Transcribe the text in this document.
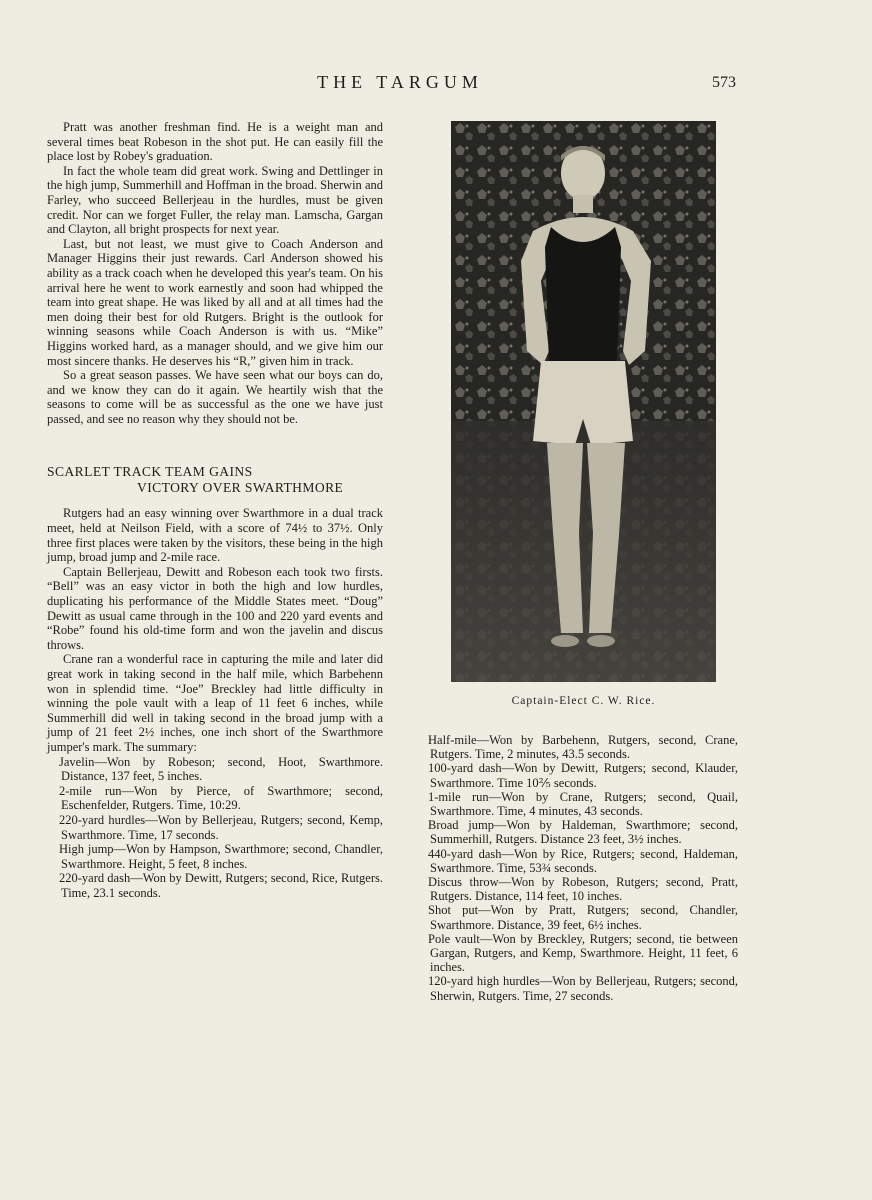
THE TARGUM	573

Pratt was another freshman find. He is a weight man and several times beat Robeson in the shot put. He can easily fill the place lost by Robey's graduation.

In fact the whole team did great work. Swing and Dettlinger in the high jump, Summerhill and Hoffman in the broad. Sherwin and Farley, who succeed Bellerjeau in the hurdles, must be given credit. Nor can we forget Fuller, the relay man. Lamscha, Gargan and Clayton, all bright prospects for next year.

Last, but not least, we must give to Coach Anderson and Manager Higgins their just rewards. Carl Anderson showed his ability as a track coach when he developed this year's team. On his arrival here he went to work earnestly and soon had whipped the team into great shape. He was liked by all and at all times had the men doing their best for old Rutgers. Bright is the outlook for winning seasons while Coach Anderson is with us. “Mike” Higgins worked hard, as a manager should, and we give him our most sincere thanks. He deserves his “R,” given him in track.

So a great season passes. We have seen what our boys can do, and we know they can do it again. We heartily wish that the seasons to come will be as successful as the one we have just passed, and see no reason why they should not be.

SCARLET TRACK TEAM GAINS
VICTORY OVER SWARTHMORE

Rutgers had an easy winning over Swarthmore in a dual track meet, held at Neilson Field, with a score of 74½ to 37½. Only three first places were taken by the visitors, these being in the high jump, broad jump and 2-mile race.

Captain Bellerjeau, Dewitt and Robeson each took two firsts. “Bell” was an easy victor in both the high and low hurdles, duplicating his performance of the Middle States meet. “Doug” Dewitt as usual came through in the 100 and 220 yard events and “Robe” found his old-time form and won the javelin and discus throws.

Crane ran a wonderful race in capturing the mile and later did great work in taking second in the half mile, which Barbehenn won in splendid time. “Joe” Breckley had little difficulty in winning the pole vault with a leap of 11 feet 6 inches, while Summerhill did well in taking second in the broad jump with a jump of 21 feet 2½ inches, one inch short of the Swarthmore jumper's mark. The summary:

Javelin—Won by Robeson; second, Hoot, Swarthmore. Distance, 137 feet, 5 inches.

2-mile run—Won by Pierce, of Swarthmore; second, Eschenfelder, Rutgers. Time, 10:29.

220-yard hurdles—Won by Bellerjeau, Rutgers; second, Kemp, Swarthmore. Time, 17 seconds.

High jump—Won by Hampson, Swarthmore; second, Chandler, Swarthmore. Height, 5 feet, 8 inches.

220-yard dash—Won by Dewitt, Rutgers; second, Rice, Rutgers. Time, 23.1 seconds.

Captain-Elect C. W. Rice.

Half-mile—Won by Barbehenn, Rutgers, second, Crane, Rutgers. Time, 2 minutes, 43.5 seconds.

100-yard dash—Won by Dewitt, Rutgers; second, Klauder, Swarthmore. Time 10⅖ seconds.

1-mile run—Won by Crane, Rutgers; second, Quail, Swarthmore. Time, 4 minutes, 43 seconds.

Broad jump—Won by Haldeman, Swarthmore; second, Summerhill, Rutgers. Distance 23 feet, 3½ inches.

440-yard dash—Won by Rice, Rutgers; second, Haldeman, Swarthmore. Time, 53¾ seconds.

Discus throw—Won by Robeson, Rutgers; second, Pratt, Rutgers. Distance, 114 feet, 10 inches.

Shot put—Won by Pratt, Rutgers; second, Chandler, Swarthmore. Distance, 39 feet, 6½ inches.

Pole vault—Won by Breckley, Rutgers; second, tie between Gargan, Rutgers, and Kemp, Swarthmore. Height, 11 feet, 6 inches.

120-yard high hurdles—Won by Bellerjeau, Rutgers; second, Sherwin, Rutgers. Time, 27 seconds.
